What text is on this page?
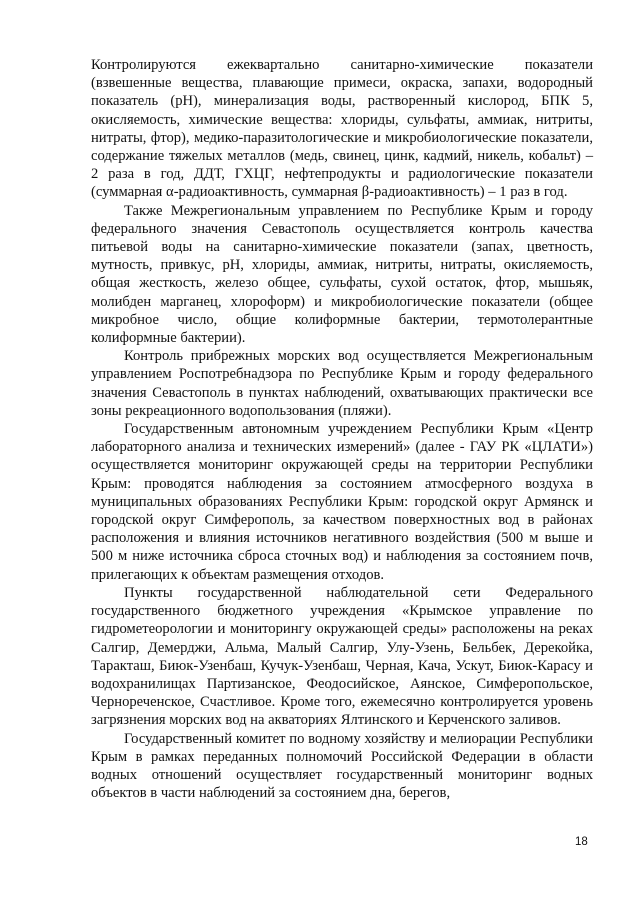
Контролируются ежеквартально санитарно-химические показатели (взвешенные вещества, плавающие примеси, окраска, запахи, водородный показатель (pH), минерализация воды, растворенный кислород, БПК 5, окисляемость, химические вещества: хлориды, сульфаты, аммиак, нитриты, нитраты, фтор), медико-паразитологические и микробиологические показатели, содержание тяжелых металлов (медь, свинец, цинк, кадмий, никель, кобальт) – 2 раза в год, ДДТ, ГХЦГ, нефтепродукты и радиологические показатели (суммарная α-радиоактивность, суммарная β-радиоактивность) – 1 раз в год.

Также Межрегиональным управлением по Республике Крым и городу федерального значения Севастополь осуществляется контроль качества питьевой воды на санитарно-химические показатели (запах, цветность, мутность, привкус, pH, хлориды, аммиак, нитриты, нитраты, окисляемость, общая жесткость, железо общее, сульфаты, сухой остаток, фтор, мышьяк, молибден марганец, хлороформ) и микробиологические показатели (общее микробное число, общие колиформные бактерии, термотолерантные колиформные бактерии).

Контроль прибрежных морских вод осуществляется Межрегиональным управлением Роспотребнадзора по Республике Крым и городу федерального значения Севастополь в пунктах наблюдений, охватывающих практически все зоны рекреационного водопользования (пляжи).

Государственным автономным учреждением Республики Крым «Центр лабораторного анализа и технических измерений» (далее - ГАУ РК «ЦЛАТИ») осуществляется мониторинг окружающей среды на территории Республики Крым: проводятся наблюдения за состоянием атмосферного воздуха в муниципальных образованиях Республики Крым: городской округ Армянск и городской округ Симферополь, за качеством поверхностных вод в районах расположения и влияния источников негативного воздействия (500 м выше и 500 м ниже источника сброса сточных вод) и наблюдения за состоянием почв, прилегающих к объектам размещения отходов.

Пункты государственной наблюдательной сети Федерального государственного бюджетного учреждения «Крымское управление по гидрометеорологии и мониторингу окружающей среды» расположены на реках Салгир, Демерджи, Альма, Малый Салгир, Улу-Узень, Бельбек, Дерекойка, Таракташ, Биюк-Узенбаш, Кучук-Узенбаш, Черная, Кача, Ускут, Биюк-Карасу и водохранилищах Партизанское, Феодосийское, Аянское, Симферопольское, Чернореченское, Счастливое. Кроме того, ежемесячно контролируется уровень загрязнения морских вод на акваториях Ялтинского и Керченского заливов.

Государственный комитет по водному хозяйству и мелиорации Республики Крым в рамках переданных полномочий Российской Федерации в области водных отношений осуществляет государственный мониторинг водных объектов в части наблюдений за состоянием дна, берегов,

18
